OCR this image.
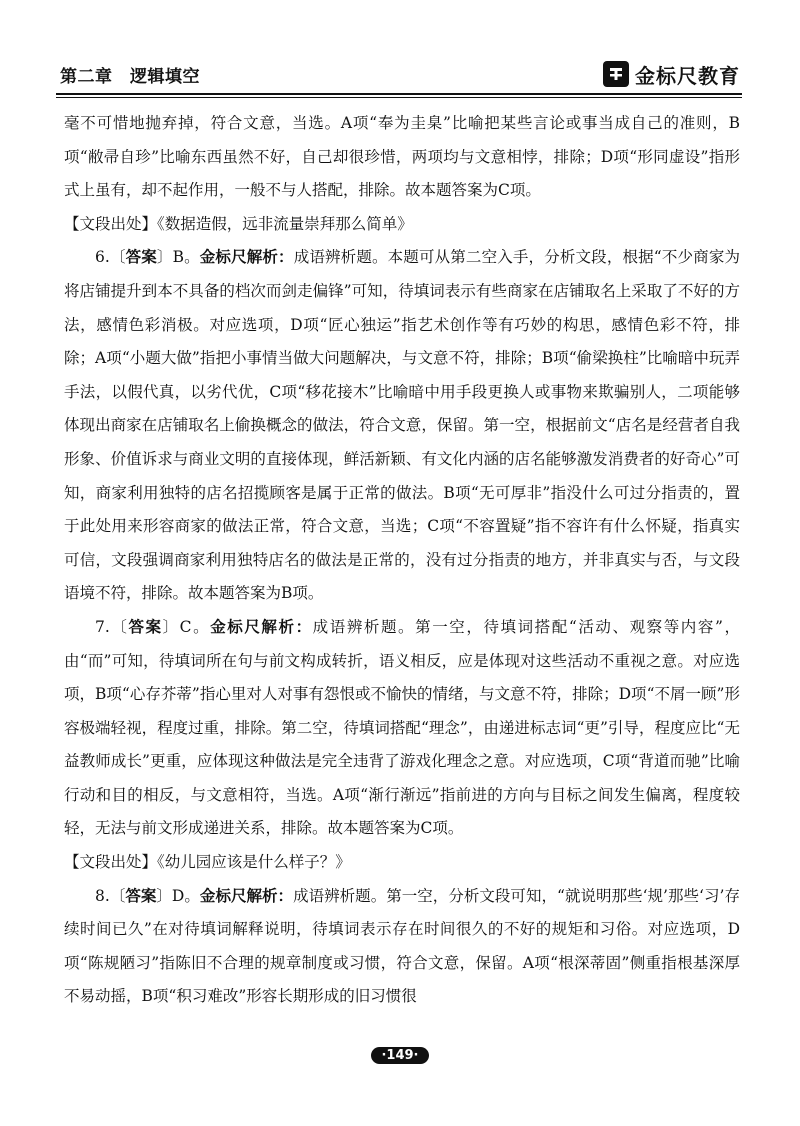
第二章　逻辑填空	金标尺教育

毫不可惜地抛弃掉，符合文意，当选。A项“奉为圭臬”比喻把某些言论或事当成自己的准则，B项“敝帚自珍”比喻东西虽然不好，自己却很珍惜，两项均与文意相悖，排除；D项“形同虚设”指形式上虽有，却不起作用，一般不与人搭配，排除。故本题答案为C项。

【文段出处】《数据造假，远非流量崇拜那么简单》

6.〔答案〕B。金标尺解析：成语辨析题。本题可从第二空入手，分析文段，根据“不少商家为将店铺提升到本不具备的档次而剑走偏锋”可知，待填词表示有些商家在店铺取名上采取了不好的方法，感情色彩消极。对应选项，D项“匠心独运”指艺术创作等有巧妙的构思，感情色彩不符，排除；A项“小题大做”指把小事情当做大问题解决，与文意不符，排除；B项“偷梁换柱”比喻暗中玩弄手法，以假代真，以劣代优，C项“移花接木”比喻暗中用手段更换人或事物来欺骗别人，二项能够体现出商家在店铺取名上偷换概念的做法，符合文意，保留。第一空，根据前文“店名是经营者自我形象、价值诉求与商业文明的直接体现，鲜活新颖、有文化内涵的店名能够激发消费者的好奇心”可知，商家利用独特的店名招揽顾客是属于正常的做法。B项“无可厚非”指没什么可过分指责的，置于此处用来形容商家的做法正常，符合文意，当选；C项“不容置疑”指不容许有什么怀疑，指真实可信，文段强调商家利用独特店名的做法是正常的，没有过分指责的地方，并非真实与否，与文段语境不符，排除。故本题答案为B项。

7.〔答案〕C。金标尺解析：成语辨析题。第一空，待填词搭配“活动、观察等内容”，由“而”可知，待填词所在句与前文构成转折，语义相反，应是体现对这些活动不重视之意。对应选项，B项“心存芥蒂”指心里对人对事有怨恨或不愉快的情绪，与文意不符，排除；D项“不屑一顾”形容极端轻视，程度过重，排除。第二空，待填词搭配“理念”，由递进标志词“更”引导，程度应比“无益教师成长”更重，应体现这种做法是完全违背了游戏化理念之意。对应选项，C项“背道而驰”比喻行动和目的相反，与文意相符，当选。A项“渐行渐远”指前进的方向与目标之间发生偏离，程度较轻，无法与前文形成递进关系，排除。故本题答案为C项。

【文段出处】《幼儿园应该是什么样子？》

8.〔答案〕D。金标尺解析：成语辨析题。第一空，分析文段可知，“就说明那些‘规’那些‘习’存续时间已久”在对待填词解释说明，待填词表示存在时间很久的不好的规矩和习俗。对应选项，D项“陈规陋习”指陈旧不合理的规章制度或习惯，符合文意，保留。A项“根深蒂固”侧重指根基深厚不易动摇，B项“积习难改”形容长期形成的旧习惯很

·149·
